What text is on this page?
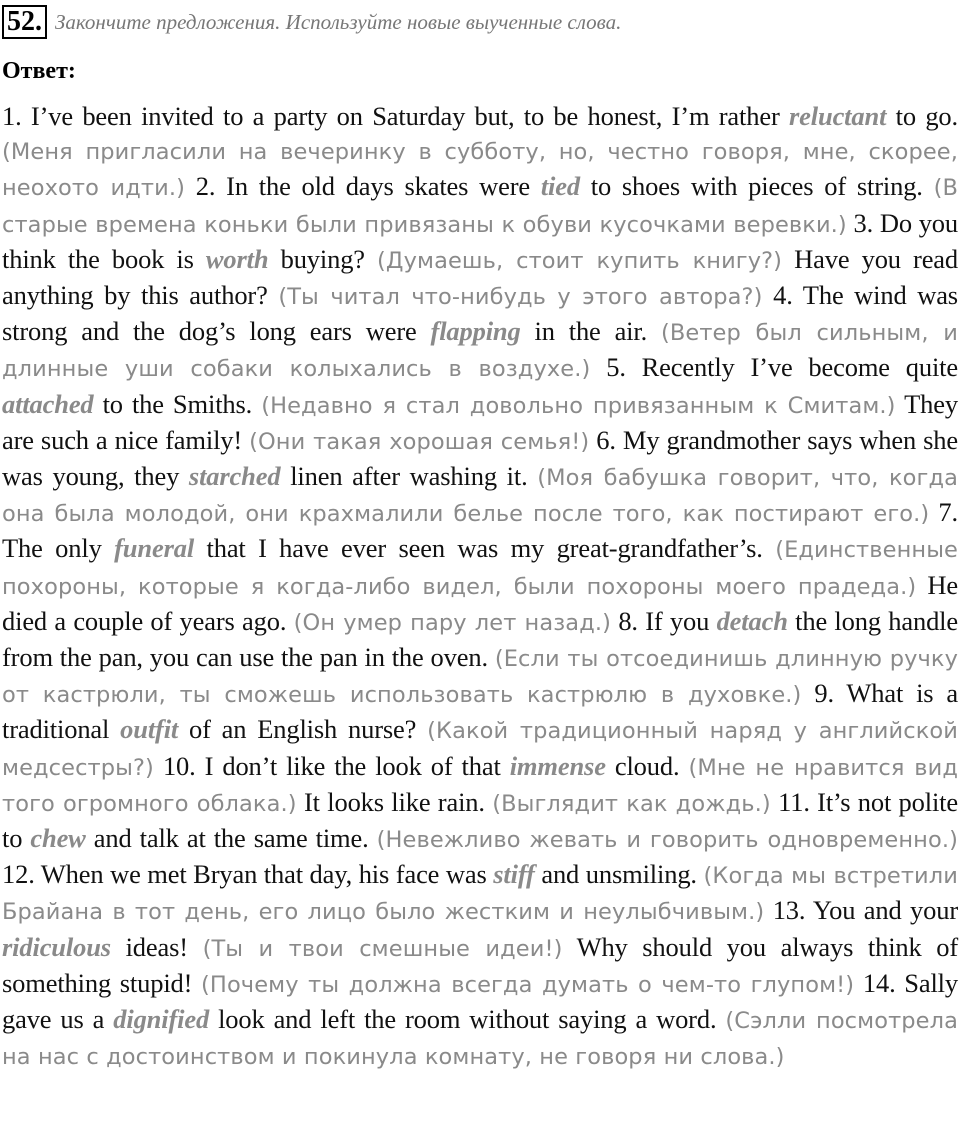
52. Закончите предложения. Используйте новые выученные слова.
Ответ:
1. I’ve been invited to a party on Saturday but, to be honest, I’m rather reluctant to go. (Меня пригласили на вечеринку в субботу, но, честно говоря, мне, скорее, неохото идти.) 2. In the old days skates were tied to shoes with pieces of string. (В старые времена коньки были привязаны к обуви кусочками веревки.) 3. Do you think the book is worth buying? (Думаешь, стоит купить книгу?) Have you read anything by this author? (Ты читал что-нибудь у этого автора?) 4. The wind was strong and the dog’s long ears were flapping in the air. (Ветер был сильным, и длинные уши собаки колыхались в воздухе.) 5. Recently I’ve become quite attached to the Smiths. (Недавно я стал довольно привязанным к Смитам.) They are such a nice family! (Они такая хорошая семья!) 6. My grandmother says when she was young, they starched linen after washing it. (Моя бабушка говорит, что, когда она была молодой, они крахмалили белье после того, как постирают его.) 7. The only funeral that I have ever seen was my great-grandfather’s. (Единственные похороны, которые я когда-либо видел, были похороны моего прадеда.) He died a couple of years ago. (Он умер пару лет назад.) 8. If you detach the long handle from the pan, you can use the pan in the oven. (Если ты отсоединишь длинную ручку от кастрюли, ты сможешь использовать кастрюлю в духовке.) 9. What is a traditional outfit of an English nurse? (Какой традиционный наряд у английской медсестры?) 10. I don’t like the look of that immense cloud. (Мне не нравится вид того огромного облака.) It looks like rain. (Выглядит как дождь.) 11. It’s not polite to chew and talk at the same time. (Невежливо жевать и говорить одновременно.) 12. When we met Bryan that day, his face was stiff and unsmiling. (Когда мы встретили Брайана в тот день, его лицо было жестким и неулыбчивым.) 13. You and your ridiculous ideas! (Ты и твои смешные идеи!) Why should you always think of something stupid! (Почему ты должна всегда думать о чем-то глупом!) 14. Sally gave us a dignified look and left the room without saying a word. (Сэлли посмотрела на нас с достоинством и покинула комнату, не говоря ни слова.)
